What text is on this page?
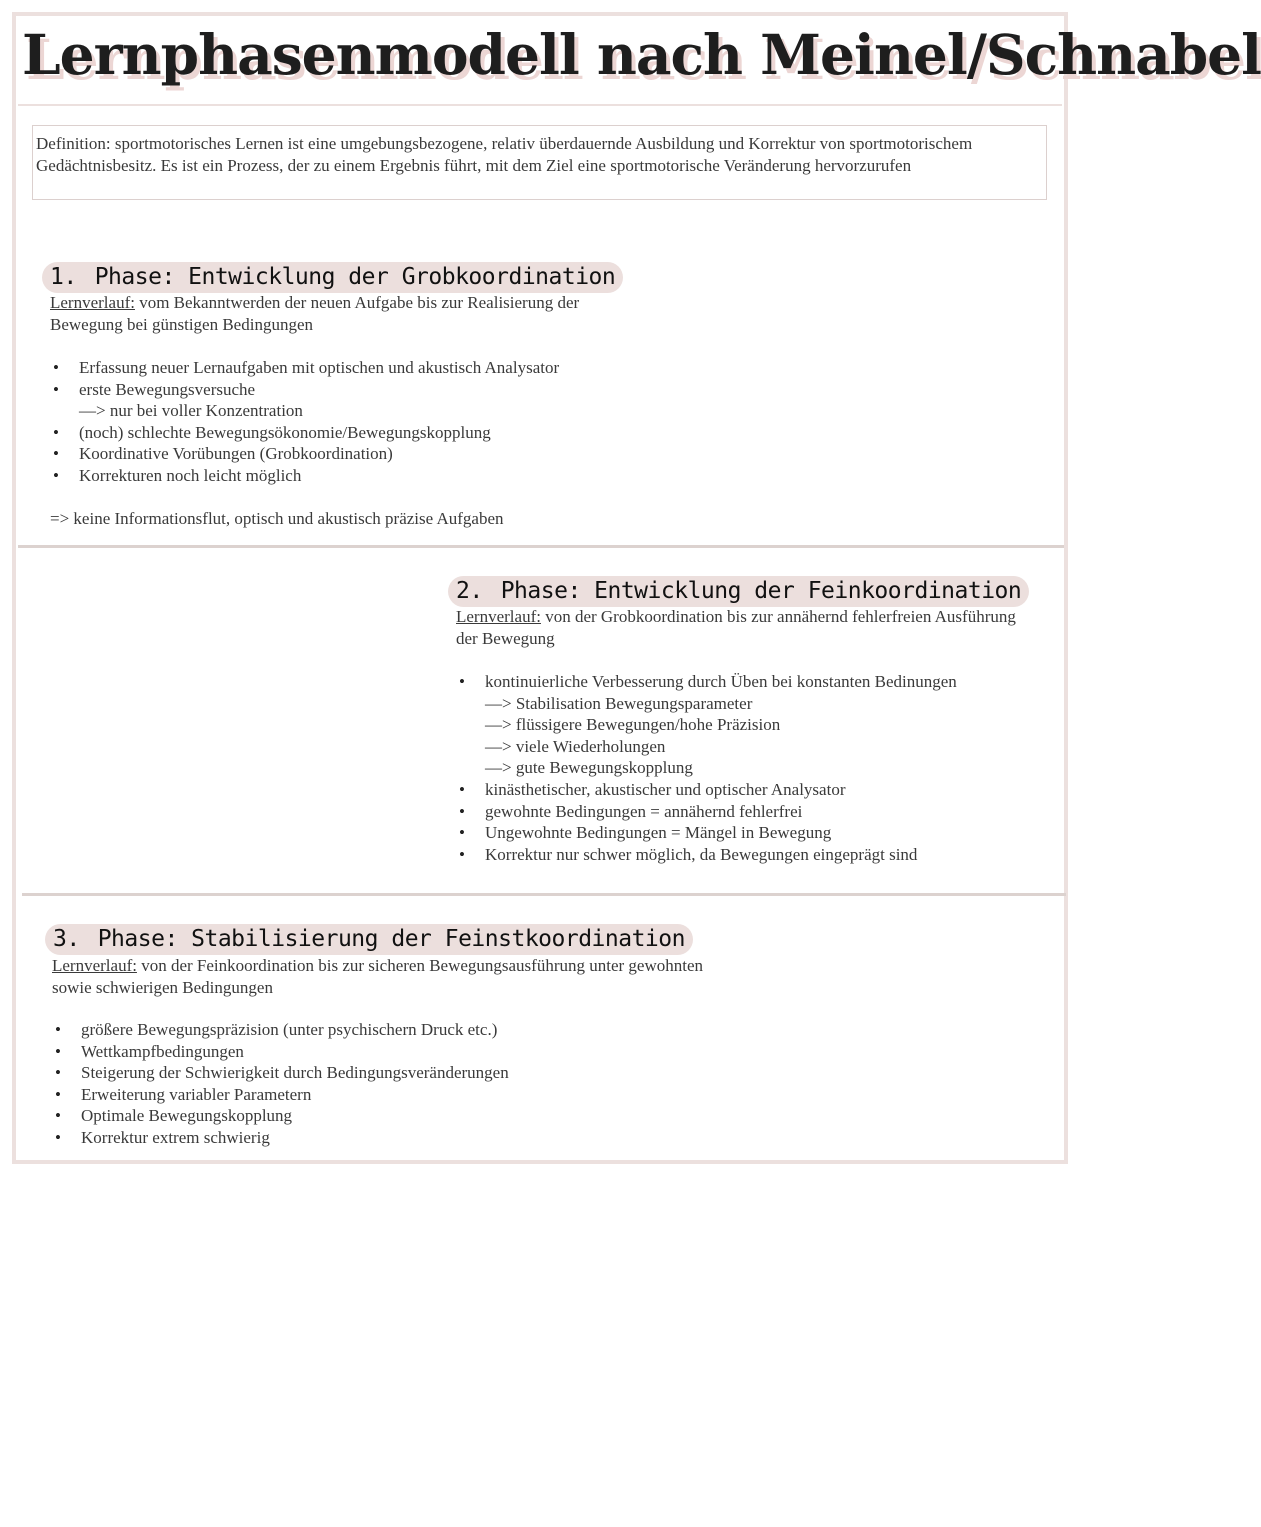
Lernphasenmodell nach Meinel/Schnabel
Definition: sportmotorisches Lernen ist eine umgebungsbezogene, relativ überdauernde Ausbildung und Korrektur von sportmotorischem Gedächtnisbesitz. Es ist ein Prozess, der zu einem Ergebnis führt, mit dem Ziel eine sportmotorische Veränderung hervorzurufen
1. Phase: Entwicklung der Grobkoordination

Lernverlauf: vom Bekanntwerden der neuen Aufgabe bis zur Realisierung der Bewegung bei günstigen Bedingungen

• Erfassung neuer Lernaufgaben mit optischen und akustisch Analysator
• erste Bewegungsversuche
—> nur bei voller Konzentration
• (noch) schlechte Bewegungsökonomie/Bewegungskopplung
• Koordinative Vorübungen (Grobkoordination)
• Korrekturen noch leicht möglich

=> keine Informationsflut, optisch und akustisch präzise Aufgaben

2. Phase: Entwicklung der Feinkoordination

Lernverlauf: von der Grobkoordination bis zur annähernd fehlerfreien Ausführung der Bewegung

• kontinuierliche Verbesserung durch Üben bei konstanten Bedinungen
—> Stabilisation Bewegungsparameter
—> flüssigere Bewegungen/hohe Präzision
—> viele Wiederholungen
—> gute Bewegungskopplung
• kinästhetischer, akustischer und optischer Analysator
• gewohnte Bedingungen = annähernd fehlerfrei
• Ungewohnte Bedingungen = Mängel in Bewegung
• Korrektur nur schwer möglich, da Bewegungen eingeprägt sind
3. Phase: Stabilisierung der Feinstkoordination

Lernverlauf: von der Feinkoordination bis zur sicheren Bewegungsausführung unter gewohnten sowie schwierigen Bedingungen

• größere Bewegungspräzision (unter psychischern Druck etc.)
• Wettkampfbedingungen
• Steigerung der Schwierigkeit durch Bedingungsveränderungen
• Erweiterung variabler Parametern
• Optimale Bewegungskopplung
• Korrektur extrem schwierig
